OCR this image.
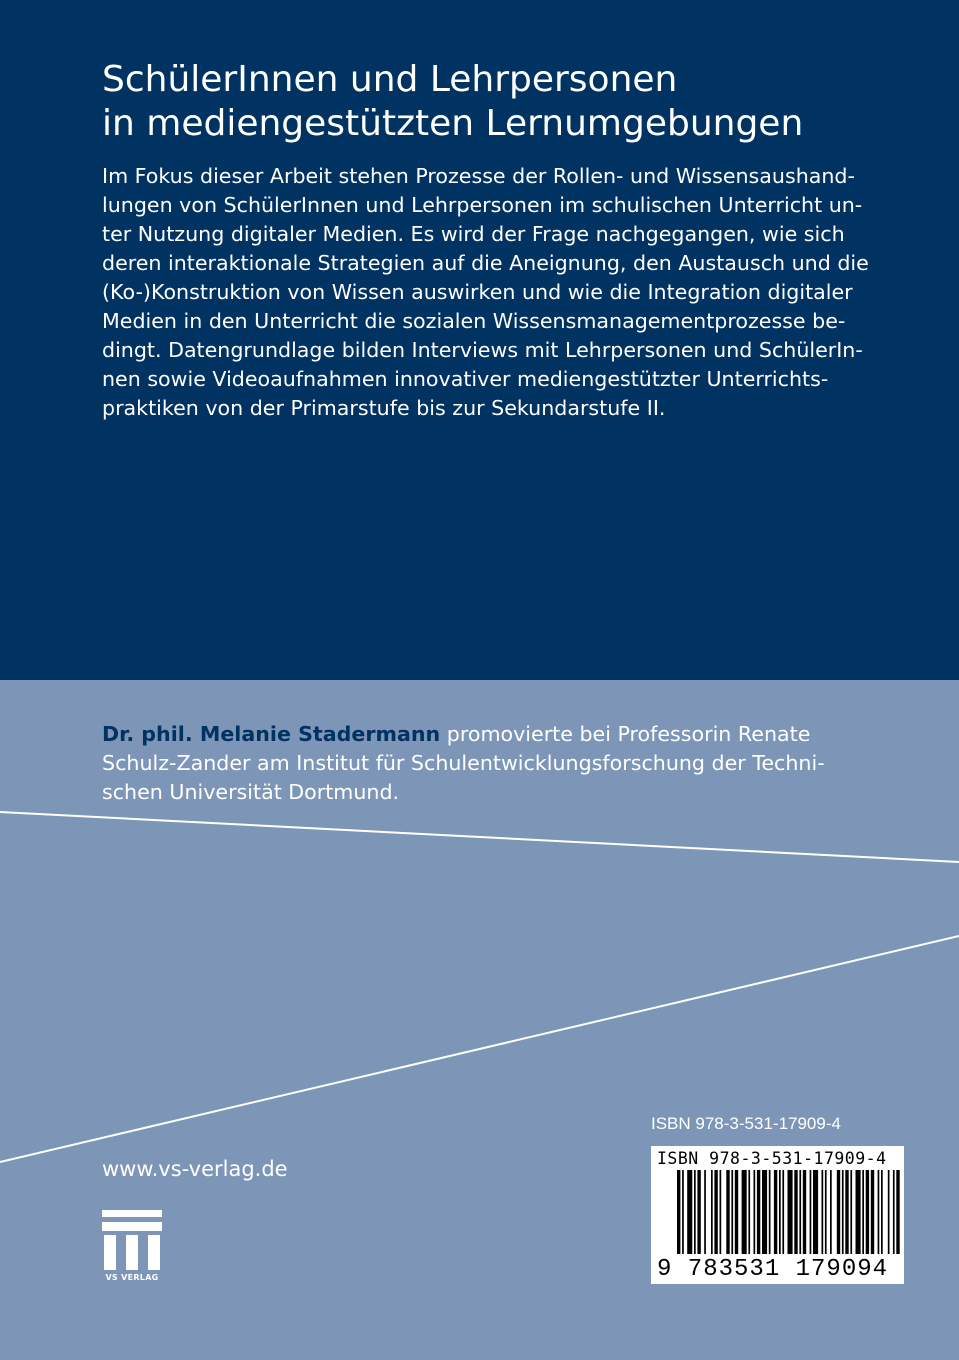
SchülerInnen und Lehrpersonen
in mediengestützten Lernumgebungen

Im Fokus dieser Arbeit stehen Prozesse der Rollen- und Wissensaushand-
lungen von SchülerInnen und Lehrpersonen im schulischen Unterricht un-
ter Nutzung digitaler Medien. Es wird der Frage nachgegangen, wie sich
deren interaktionale Strategien auf die Aneignung, den Austausch und die
(Ko-)Konstruktion von Wissen auswirken und wie die Integration digitaler
Medien in den Unterricht die sozialen Wissensmanagementprozesse be-
dingt. Datengrundlage bilden Interviews mit Lehrpersonen und SchülerIn-
nen sowie Videoaufnahmen innovativer mediengestützter Unterrichts-
praktiken von der Primarstufe bis zur Sekundarstufe II.

Dr. phil. Melanie Stadermann promovierte bei Professorin Renate
Schulz-Zander am Institut für Schulentwicklungsforschung der Techni-
schen Universität Dortmund.

www.vs-verlag.de

VS VERLAG

ISBN 978-3-531-17909-4

ISBN 978-3-531-17909-4

9 783531 179094
